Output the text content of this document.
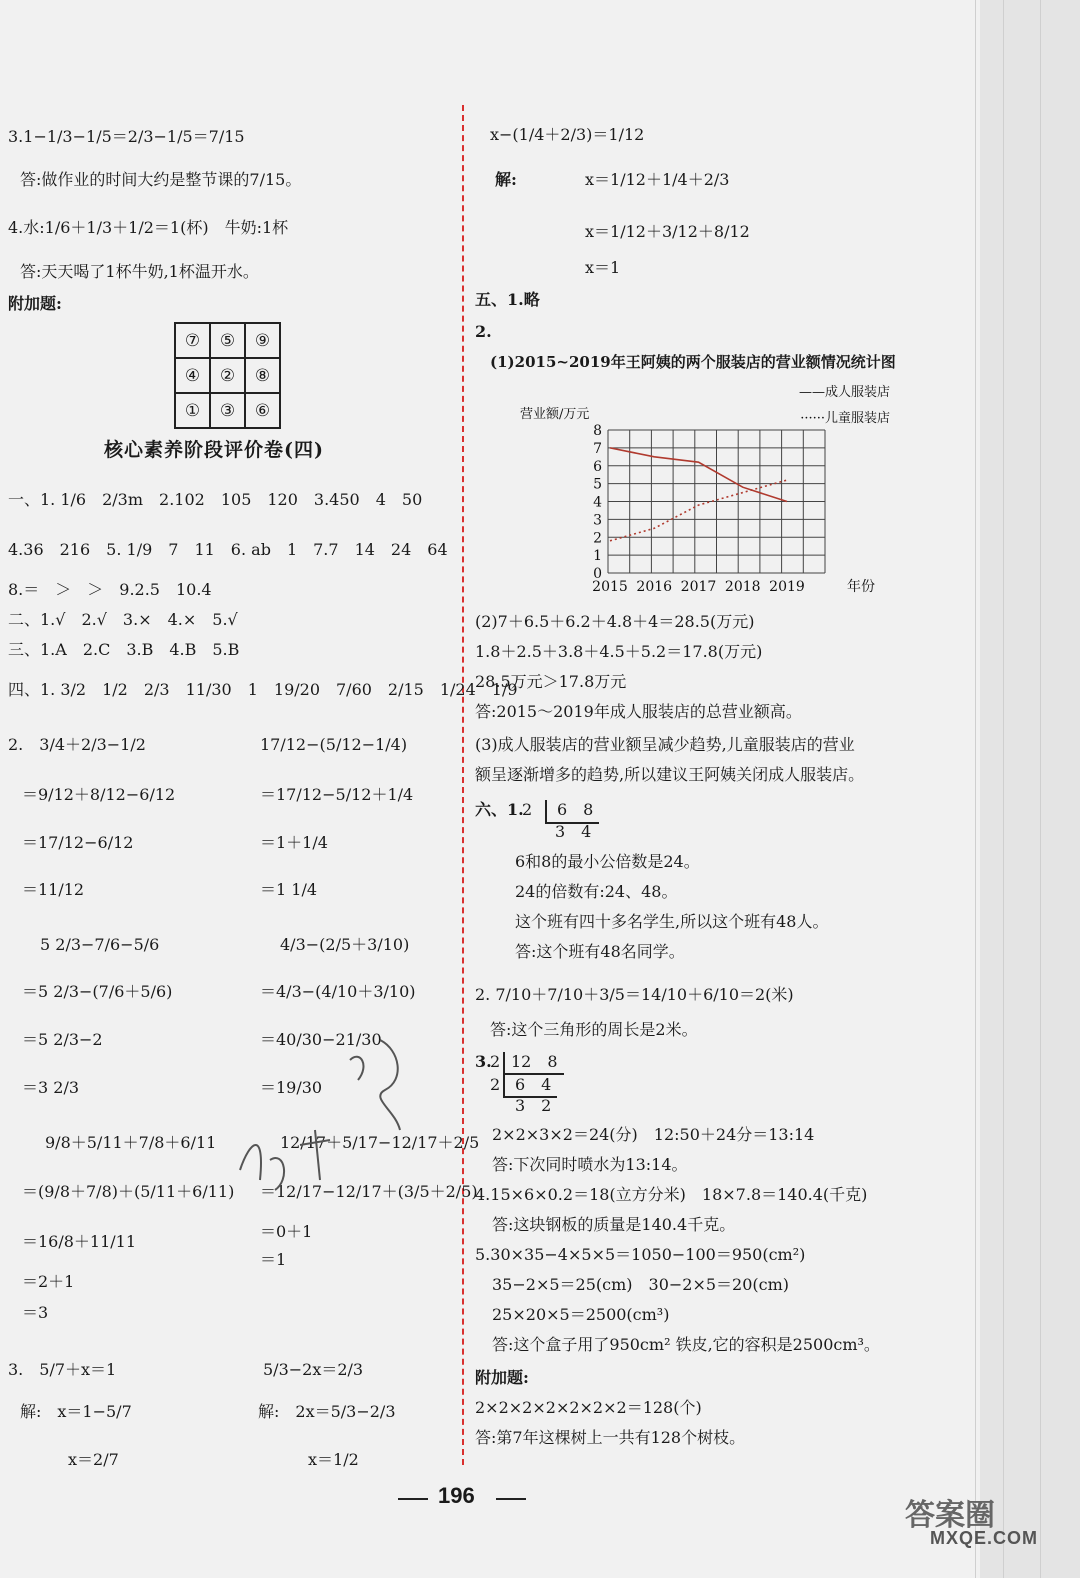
3.1−1/3−1/5＝2/3−1/5＝7/15
答:做作业的时间大约是整节课的7/15。
4.水:1/6＋1/3＋1/2＝1(杯)　牛奶:1杯
答:天天喝了1杯牛奶,1杯温开水。
附加题:
⑦	⑤	⑨
④	②	⑧
①	③	⑥
核心素养阶段评价卷(四)
一、1. 1/6　2/3m　2.102　105　120　3.450　4　50
4.36　216　5. 1/9　7　11　6. ab　1　7.7　14　24　64
8.＝　＞　＞　9.2.5　10.4
二、1.√　2.√　3.×　4.×　5.√
三、1.A　2.C　3.B　4.B　5.B
四、1. 3/2　1/2　2/3　11/30　1　19/20　7/60　2/15　1/24　1/9
2.　3/4＋2/3−1/2
＝9/12＋8/12−6/12
＝17/12−6/12
＝11/12
5 2/3−7/6−5/6
＝5 2/3−(7/6＋5/6)
＝5 2/3−2
＝3 2/3
9/8＋5/11＋7/8＋6/11
＝(9/8＋7/8)＋(5/11＋6/11)
＝16/8＋11/11
＝2＋1
＝3
17/12−(5/12−1/4)
＝17/12−5/12＋1/4
＝1＋1/4
＝1 1/4
4/3−(2/5＋3/10)
＝4/3−(4/10＋3/10)
＝40/30−21/30
＝19/30
12/17＋5/17−12/17＋2/5
＝12/17−12/17＋(3/5＋2/5)
＝0＋1
＝1
3.　5/7＋x＝1
解:　x＝1−5/7
x＝2/7
5/3−2x＝2/3
解:　2x＝5/3−2/3
x＝1/2
x−(1/4＋2/3)＝1/12
解:	x＝1/12＋1/4＋2/3
x＝1/12＋3/12＋8/12
x＝1
五、1.略
2.
(1)2015~2019年王阿姨的两个服装店的营业额情况统计图
0
1
2
3
4
5
6
7
8
2015 2016 2017 2018 2019
营业额/万元
年份
——成人服装店
······儿童服装店
(2)7＋6.5＋6.2＋4.8＋4＝28.5(万元)
1.8＋2.5＋3.8＋4.5＋5.2＝17.8(万元)
28.5万元＞17.8万元
答:2015～2019年成人服装店的总营业额高。
(3)成人服装店的营业额呈减少趋势,儿童服装店的营业
额呈逐渐增多的趋势,所以建议王阿姨关闭成人服装店。
六、1.
2	6　8
3　4
6和8的最小公倍数是24。
24的倍数有:24、48。
这个班有四十多名学生,所以这个班有48人。
答:这个班有48名同学。
2. 7/10＋7/10＋3/5＝14/10＋6/10＝2(米)
答:这个三角形的周长是2米。
3.
2 12　8
2 6　4
3　2
2×2×3×2＝24(分)　12:50＋24分＝13:14
答:下次同时喷水为13:14。
4.15×6×0.2＝18(立方分米)　18×7.8＝140.4(千克)
答:这块钢板的质量是140.4千克。
5.30×35−4×5×5＝1050−100＝950(cm²)
35−2×5＝25(cm)　30−2×5＝20(cm)
25×20×5＝2500(cm³)
答:这个盒子用了950cm² 铁皮,它的容积是2500cm³。
附加题:
2×2×2×2×2×2×2＝128(个)
答:第7年这棵树上一共有128个树枝。
196
答案圈
MXQE.COM
